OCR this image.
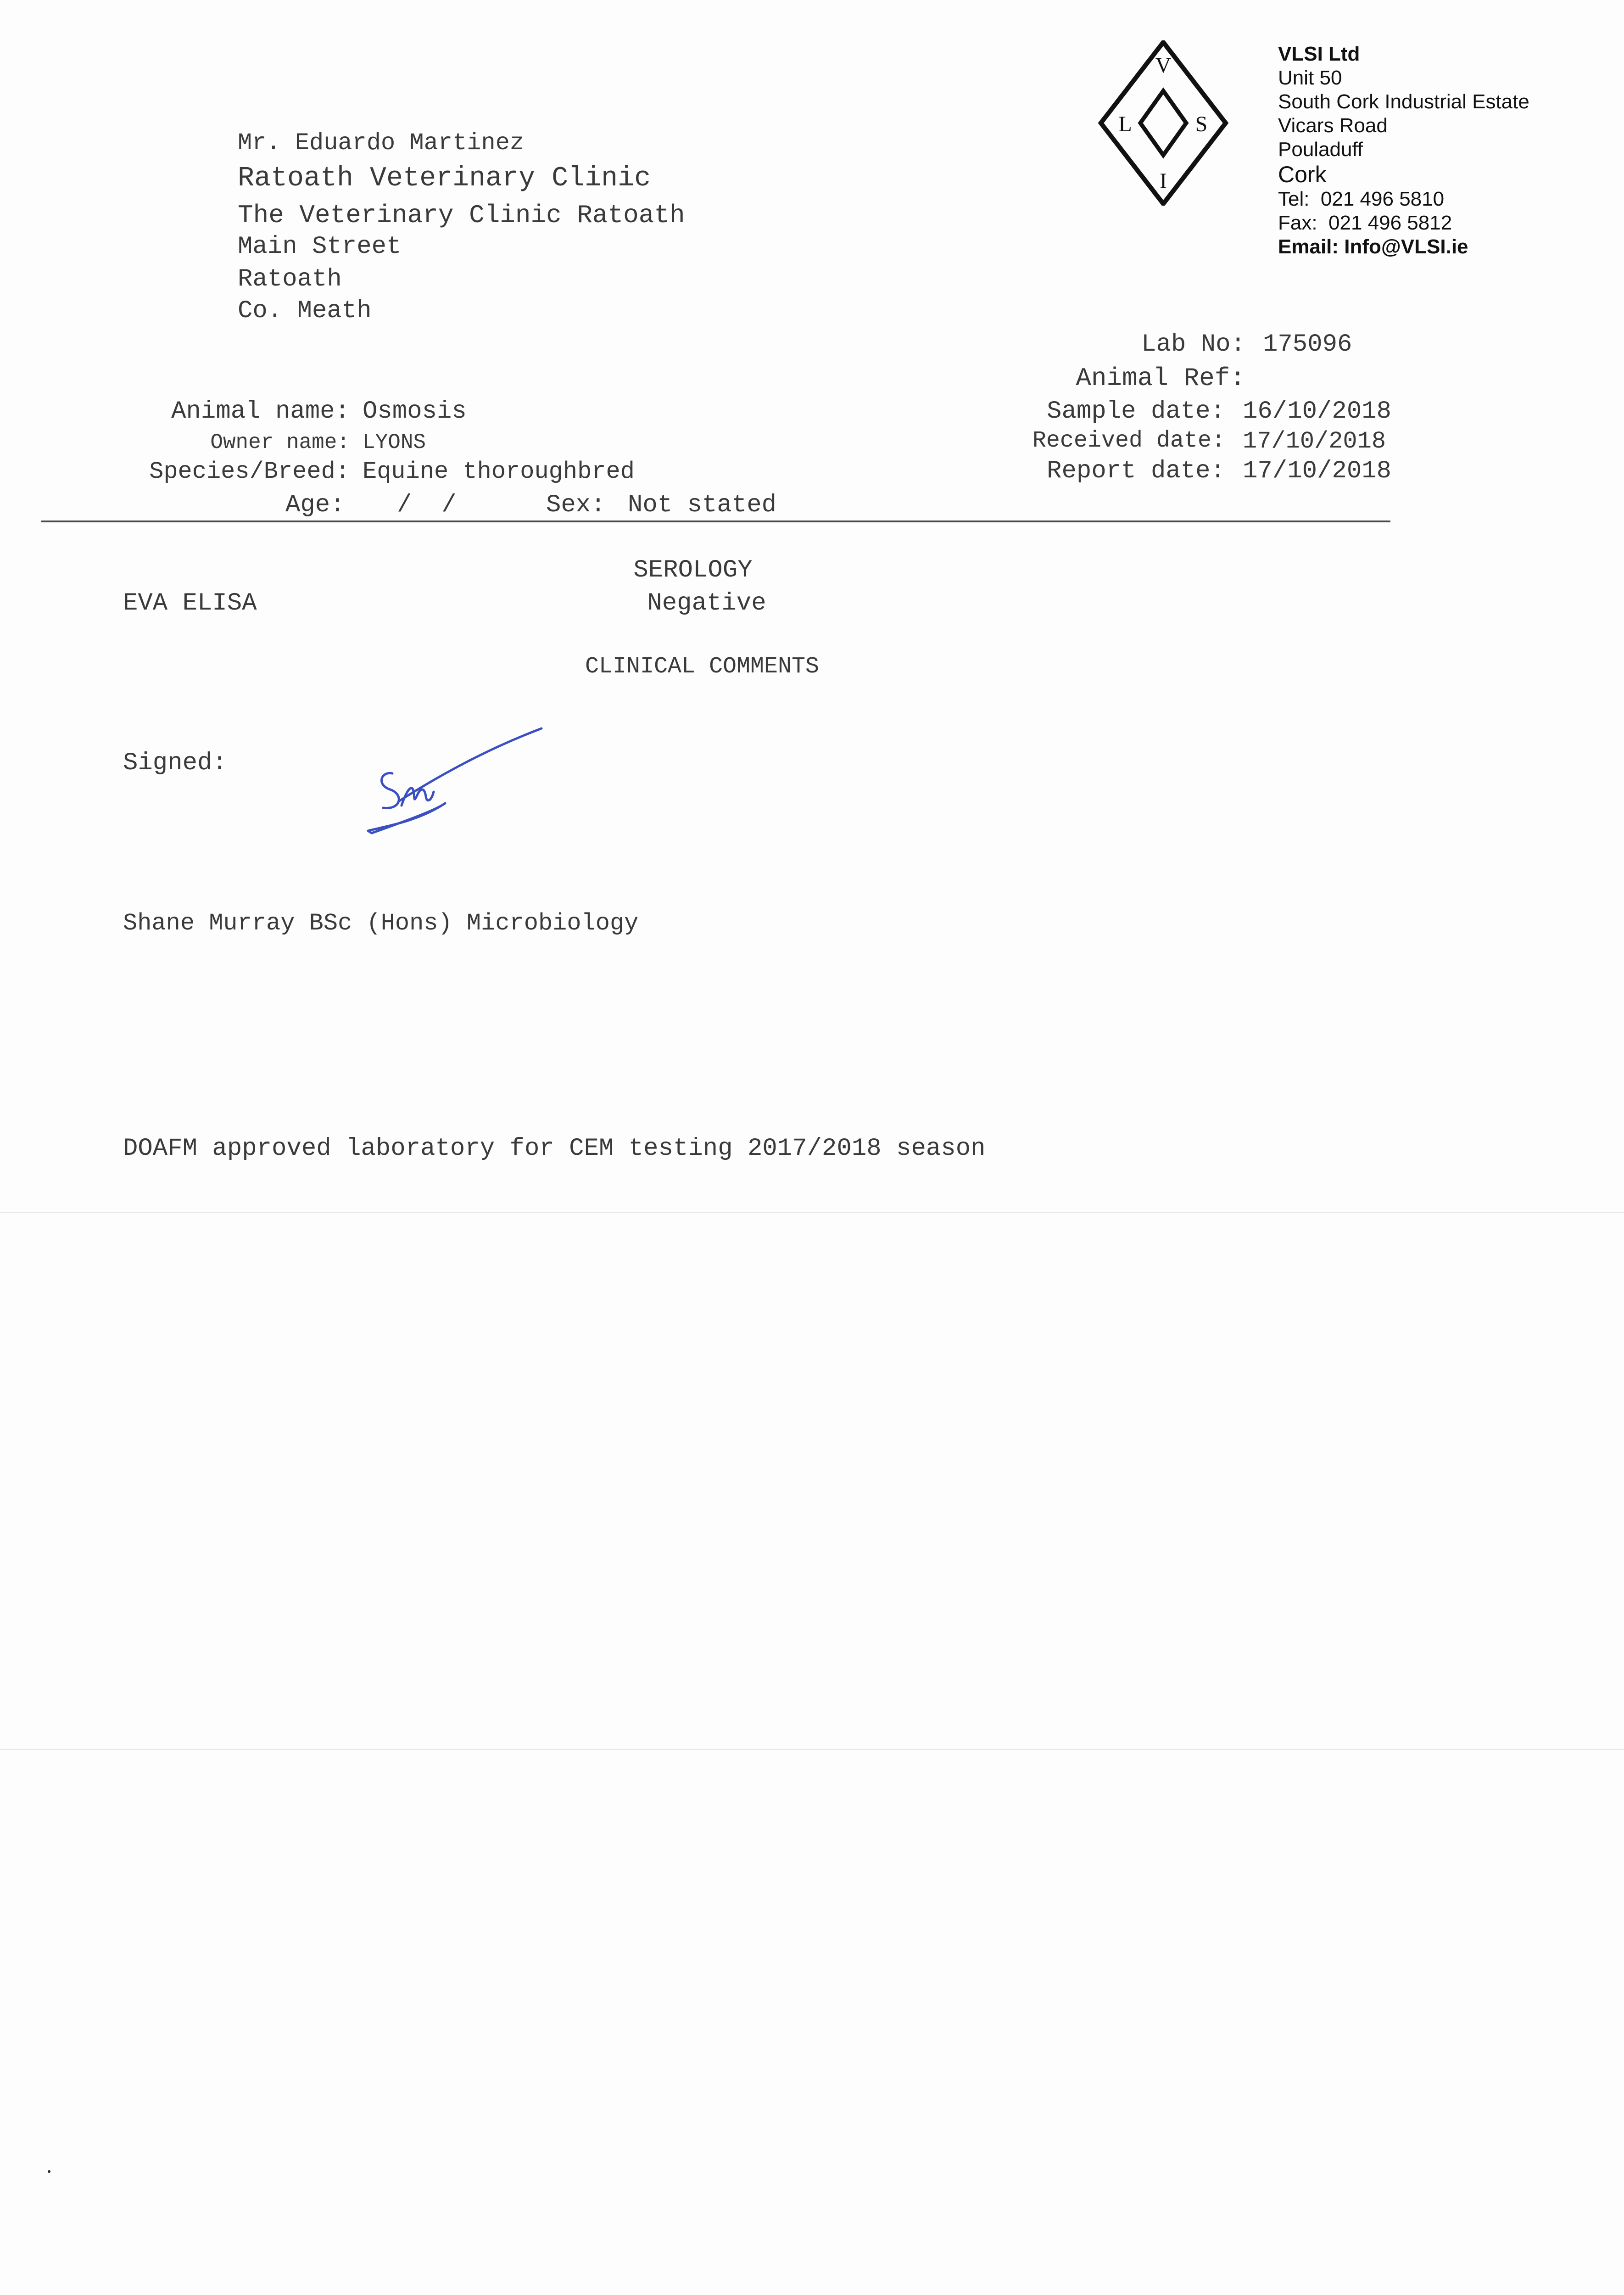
Mr. Eduardo Martinez
Ratoath Veterinary Clinic
The Veterinary Clinic Ratoath
Main Street
Ratoath
Co. Meath
V
L	S
I
VLSI Ltd
Unit 50
South Cork Industrial Estate
Vicars Road
Pouladuff
Cork
Tel:  021 496 5810
Fax:  021 496 5812
Email: Info@VLSI.ie
Lab No: 175096
Animal Ref:
Sample date: 16/10/2018
Received date: 17/10/2018
Report date: 17/10/2018
Animal name: Osmosis
Owner name: LYONS
Species/Breed: Equine thoroughbred
Age: /  /	Sex: Not stated
SEROLOGY
EVA ELISA	Negative
CLINICAL COMMENTS
Signed:
Shane Murray BSc (Hons) Microbiology
DOAFM approved laboratory for CEM testing 2017/2018 season
